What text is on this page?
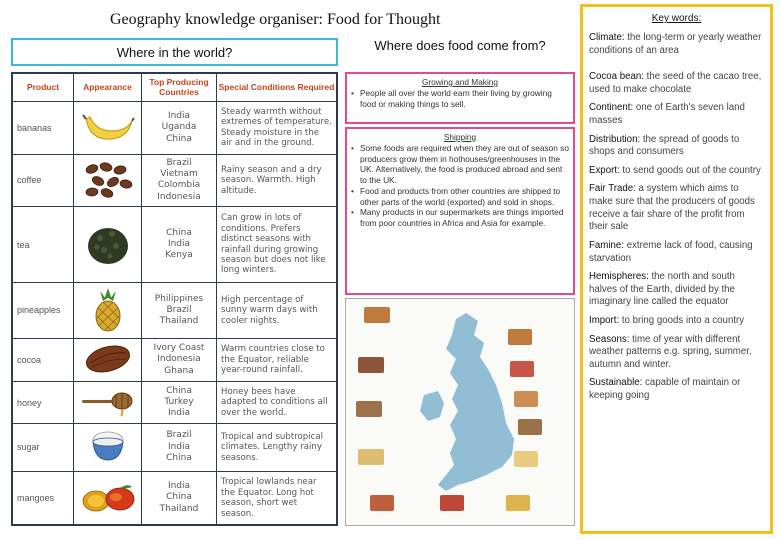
Geography knowledge organiser: Food for Thought
Where in the world?
Product	Appearance	Top Producing Countries	Special Conditions Required
bananas		India
Uganda
China	Steady warmth without extremes of temperature. Steady moisture in the air and in the ground.
coffee		Brazil
Vietnam
Colombia
Indonesia	Rainy season and a dry season. Warmth. High altitude.
tea		China
India
Kenya	Can grow in lots of conditions. Prefers distinct seasons with rainfall during growing season but does not like long winters.
pineapples		Philippines
Brazil
Thailand	High percentage of sunny warm days with cooler nights.
cocoa		Ivory Coast
Indonesia
Ghana	Warm countries close to the Equator, reliable year-round rainfall.
honey		China
Turkey
India	Honey bees have adapted to conditions all over the world.
sugar		Brazil
India
China	Tropical and subtropical climates. Lengthy rainy seasons.
mangoes		India
China
Thailand	Tropical lowlands near the Equator. Long hot season, short wet season.
Where does food come from?
Growing and Making
• People all over the world earn their living by growing food or making things to sell.
Shipping
• Some foods are required when they are out of season so producers grow them in hothouses/greenhouses in the UK. Alternatively, the food is produced abroad and sent to the UK.
• Food and products from other countries are shipped to other parts of the world (exported) and sold in shops.
• Many products in our supermarkets are things imported from poor countries in Africa and Asia for example.
Key words:
Climate: the long-term or yearly weather conditions of an area
Cocoa bean: the seed of the cacao tree, used to make chocolate
Continent: one of Earth's seven land masses
Distribution: the spread of goods to shops and consumers
Export: to send goods out of the country
Fair Trade: a system which aims to make sure that the producers of goods receive a fair share of the profit from their sale
Famine: extreme lack of food, causing starvation
Hemispheres: the north and south halves of the Earth, divided by the imaginary line called the equator
Import: to bring goods into a country
Seasons: time of year with different weather patterns e.g. spring, summer, autumn and winter.
Sustainable: capable of maintain or keeping going
